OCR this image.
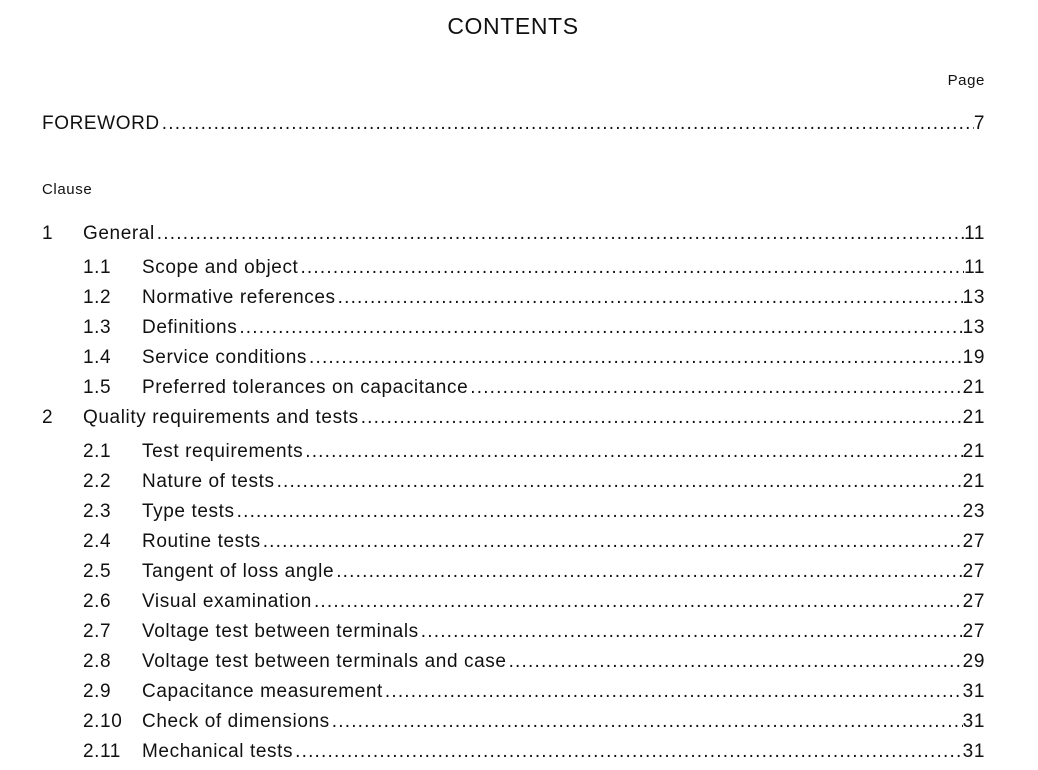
CONTENTS
Page
FOREWORD .....	7
Clause
1	General .....	11
1.1	Scope and object .....	11
1.2	Normative references .....	13
1.3	Definitions .....	13
1.4	Service conditions .....	19
1.5	Preferred tolerances on capacitance .....	21
2	Quality requirements and tests .....	21
2.1	Test requirements .....	21
2.2	Nature of tests .....	21
2.3	Type tests .....	23
2.4	Routine tests .....	27
2.5	Tangent of loss angle .....	27
2.6	Visual examination .....	27
2.7	Voltage test between terminals .....	27
2.8	Voltage test between terminals and case .....	29
2.9	Capacitance measurement .....	31
2.10	Check of dimensions .....	31
2.11	Mechanical tests .....	31
